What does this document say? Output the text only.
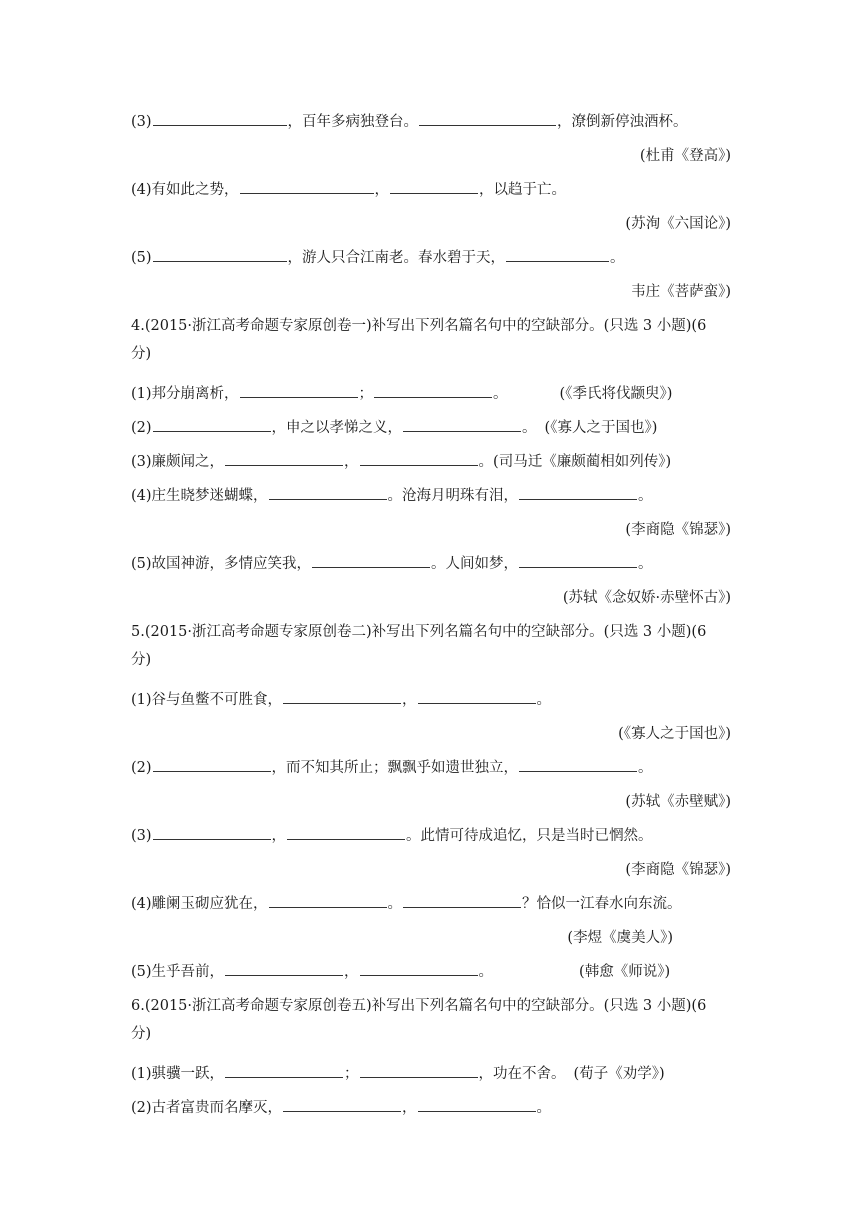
(3)	，百年多病独登台。	，潦倒新停浊酒杯。
(杜甫《登高》)
(4)有如此之势，	，	，以趋于亡。
(苏洵《六国论》)
(5)	，游人只合江南老。春水碧于天，	。
韦庄《菩萨蛮》)
4.(2015·浙江高考命题专家原创卷一)补写出下列名篇名句中的空缺部分。(只选 3 小题)(6
分)
(1)邦分崩离析，	；	。	(《季氏将伐颛臾》)
(2)	，申之以孝悌之义，	。 (《寡人之于国也》)
(3)廉颇闻之，	，	。(司马迁《廉颇蔺相如列传》)
(4)庄生晓梦迷蝴蝶，	。沧海月明珠有泪，	。
(李商隐《锦瑟》)
(5)故国神游，多情应笑我，	。人间如梦，	。
(苏轼《念奴娇·赤壁怀古》)
5.(2015·浙江高考命题专家原创卷二)补写出下列名篇名句中的空缺部分。(只选 3 小题)(6
分)
(1)谷与鱼鳖不可胜食，	，	。
(《寡人之于国也》)
(2)	，而不知其所止；飘飘乎如遗世独立，	。
(苏轼《赤壁赋》)
(3)	，	。此情可待成追忆，只是当时已惘然。
(李商隐《锦瑟》)
(4)雕阑玉砌应犹在，	。	？恰似一江春水向东流。
(李煜《虞美人》)
(5)生乎吾前，	，	。	(韩愈《师说》)
6.(2015·浙江高考命题专家原创卷五)补写出下列名篇名句中的空缺部分。(只选 3 小题)(6
分)
(1)骐骥一跃，	；	，功在不舍。 (荀子《劝学》)
(2)古者富贵而名摩灭，	，	。
